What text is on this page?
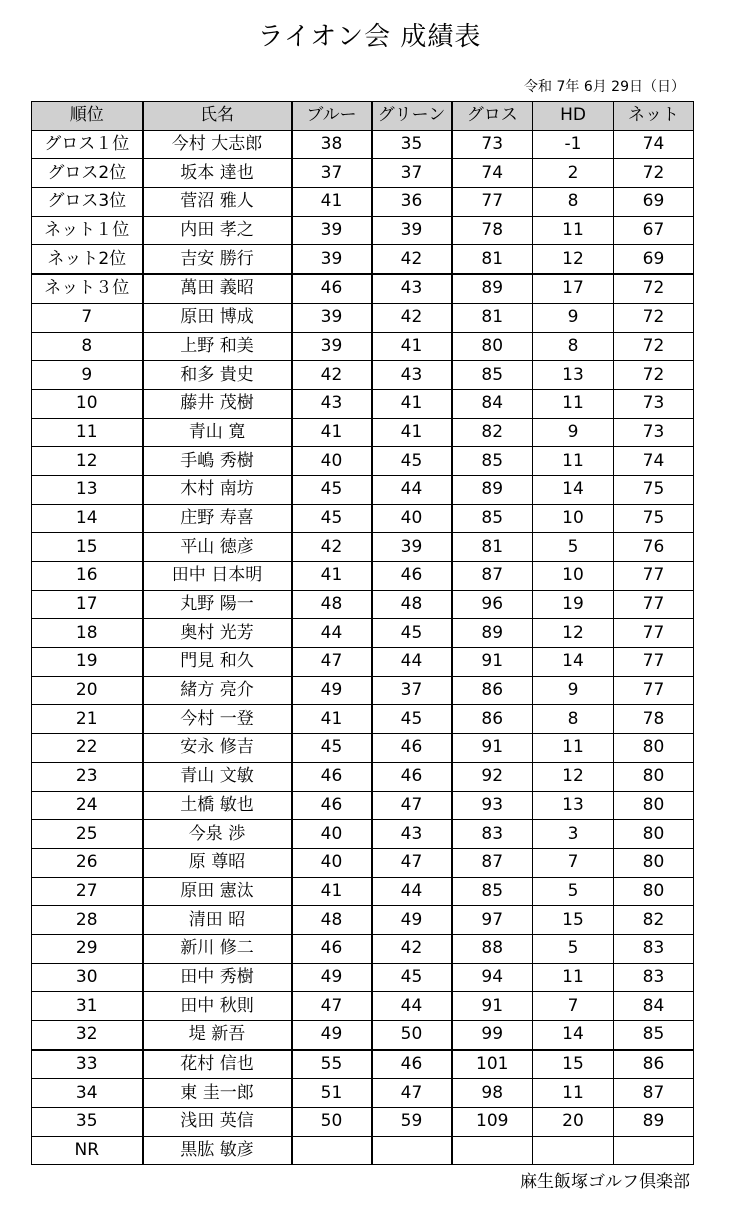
ライオン会 成績表
令和 7年 6月 29日（日）
順位	氏名	ブルー	グリーン	グロス	HD	ネット
グロス１位	今村 大志郎	38	35	73	-1	74
グロス2位	坂本 達也	37	37	74	2	72
グロス3位	菅沼 雅人	41	36	77	8	69
ネット１位	内田 孝之	39	39	78	11	67
ネット2位	吉安 勝行	39	42	81	12	69
ネット３位	萬田 義昭	46	43	89	17	72
7	原田 博成	39	42	81	9	72
8	上野 和美	39	41	80	8	72
9	和多 貴史	42	43	85	13	72
10	藤井 茂樹	43	41	84	11	73
11	青山 寛	41	41	82	9	73
12	手嶋 秀樹	40	45	85	11	74
13	木村 南坊	45	44	89	14	75
14	庄野 寿喜	45	40	85	10	75
15	平山 徳彦	42	39	81	5	76
16	田中 日本明	41	46	87	10	77
17	丸野 陽一	48	48	96	19	77
18	奥村 光芳	44	45	89	12	77
19	門見 和久	47	44	91	14	77
20	緒方 亮介	49	37	86	9	77
21	今村 一登	41	45	86	8	78
22	安永 修吉	45	46	91	11	80
23	青山 文敏	46	46	92	12	80
24	土橋 敏也	46	47	93	13	80
25	今泉 渉	40	43	83	3	80
26	原 尊昭	40	47	87	7	80
27	原田 憲汰	41	44	85	5	80
28	清田 昭	48	49	97	15	82
29	新川 修二	46	42	88	5	83
30	田中 秀樹	49	45	94	11	83
31	田中 秋則	47	44	91	7	84
32	堤 新吾	49	50	99	14	85
33	花村 信也	55	46	101	15	86
34	東 圭一郎	51	47	98	11	87
35	浅田 英信	50	59	109	20	89
NR	黒肱 敏彦					
麻生飯塚ゴルフ倶楽部
